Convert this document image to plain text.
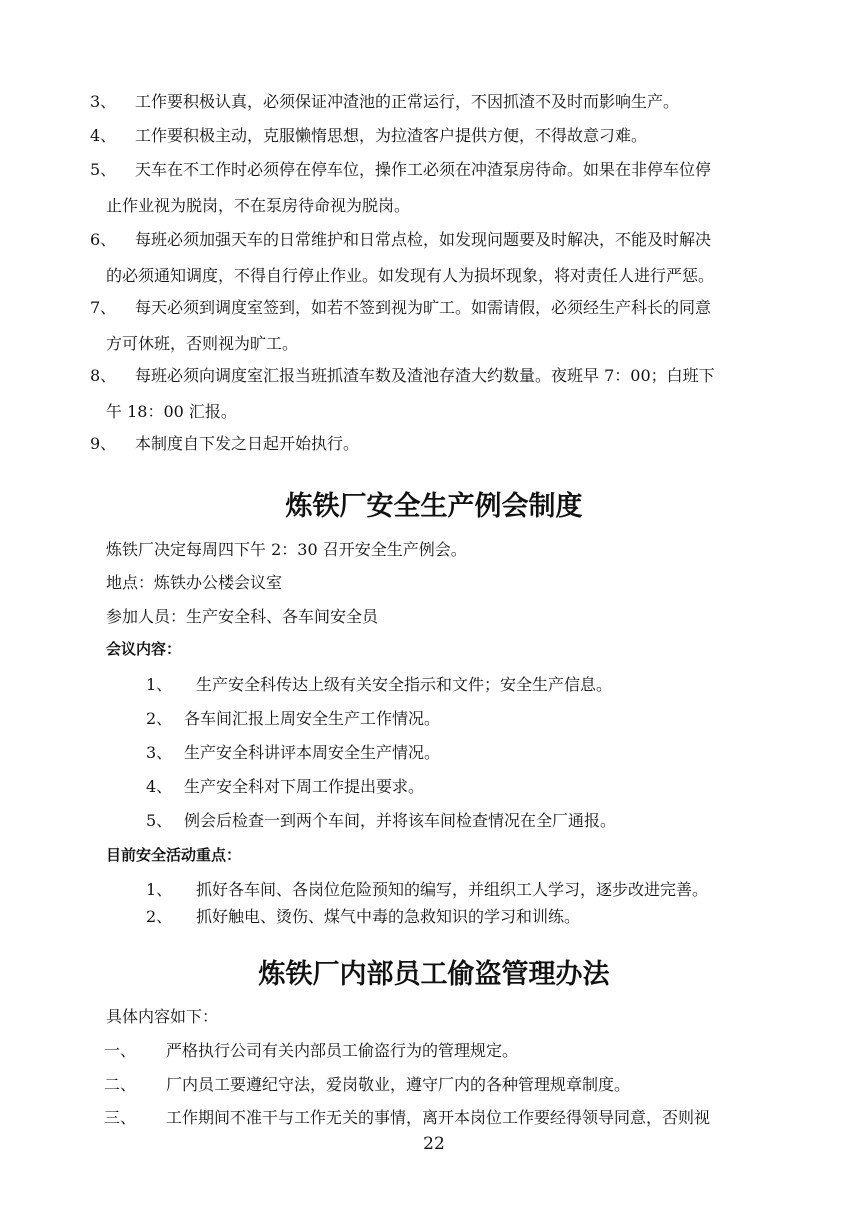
3、	工作要积极认真，必须保证冲渣池的正常运行，不因抓渣不及时而影响生产。
4、	工作要积极主动，克服懒惰思想，为拉渣客户提供方便，不得故意刁难。
5、	天车在不工作时必须停在停车位，操作工必须在冲渣泵房待命。如果在非停车位停
止作业视为脱岗，不在泵房待命视为脱岗。
6、	每班必须加强天车的日常维护和日常点检，如发现问题要及时解决，不能及时解决
的必须通知调度，不得自行停止作业。如发现有人为损坏现象，将对责任人进行严惩。
7、	每天必须到调度室签到，如若不签到视为旷工。如需请假，必须经生产科长的同意
方可休班，否则视为旷工。
8、	每班必须向调度室汇报当班抓渣车数及渣池存渣大约数量。夜班早 7：00；白班下
午 18：00 汇报。
9、	本制度自下发之日起开始执行。
炼铁厂安全生产例会制度
炼铁厂决定每周四下午 2：30 召开安全生产例会。
地点：炼铁办公楼会议室
参加人员：生产安全科、各车间安全员
会议内容：
1、生产安全科传达上级有关安全指示和文件；安全生产信息。
2、 各车间汇报上周安全生产工作情况。
3、 生产安全科讲评本周安全生产情况。
4、 生产安全科对下周工作提出要求。
5、 例会后检查一到两个车间，并将该车间检查情况在全厂通报。
目前安全活动重点：
1、 抓好各车间、各岗位危险预知的编写，并组织工人学习，逐步改进完善。
2、 抓好触电、烫伤、煤气中毒的急救知识的学习和训练。
炼铁厂内部员工偷盗管理办法
具体内容如下：
一、 严格执行公司有关内部员工偷盗行为的管理规定。
二、 厂内员工要遵纪守法，爱岗敬业，遵守厂内的各种管理规章制度。
三、 工作期间不准干与工作无关的事情，离开本岗位工作要经得领导同意，否则视
22
